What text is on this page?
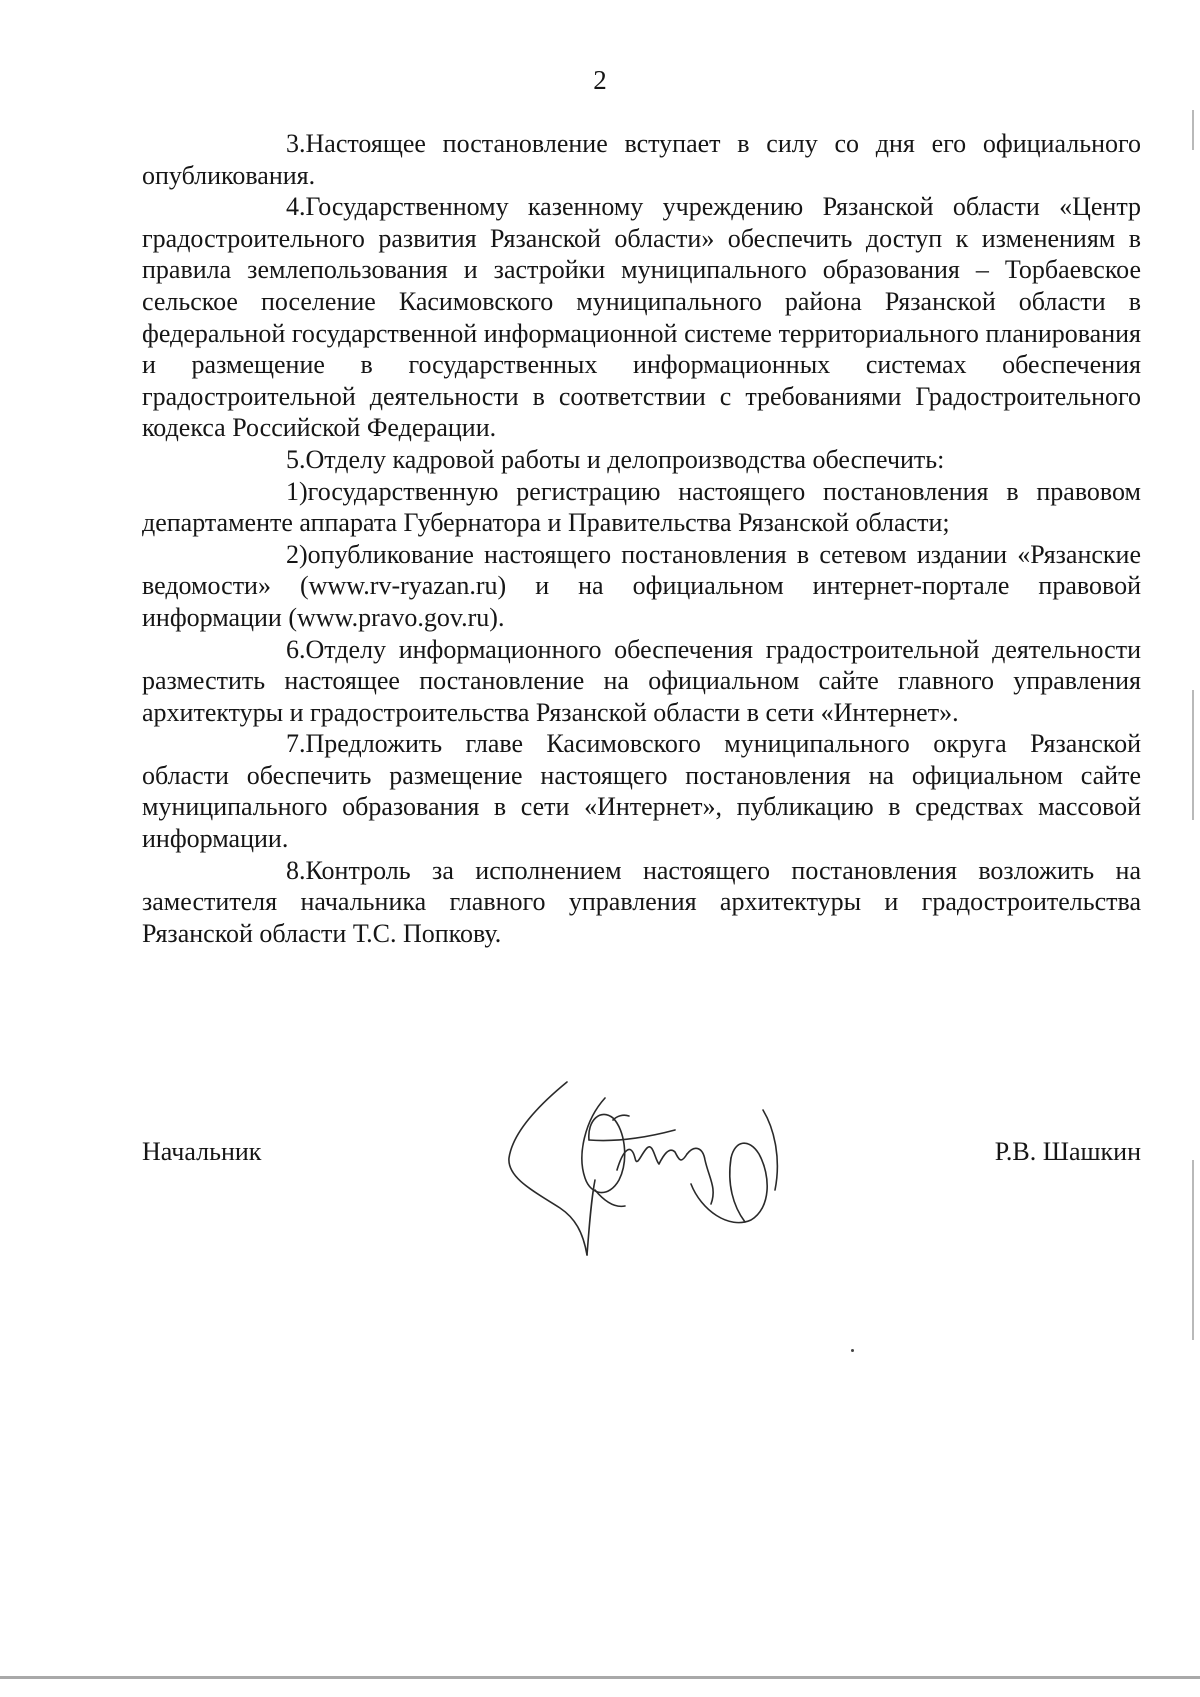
2

3.Настоящее постановление вступает в силу со дня его официального опубликования.

4.Государственному казенному учреждению Рязанской области «Центр градостроительного развития Рязанской области» обеспечить доступ к изменениям в правила землепользования и застройки муниципального образования – Торбаевское сельское поселение Касимовского муниципального района Рязанской области в федеральной государственной информационной системе территориального планирования и размещение в государственных информационных системах обеспечения градостроительной деятельности в соответствии с требованиями Градостроительного кодекса Российской Федерации.

5.Отделу кадровой работы и делопроизводства обеспечить:

1)государственную регистрацию настоящего постановления в правовом департаменте аппарата Губернатора и Правительства Рязанской области;

2)опубликование настоящего постановления в сетевом издании «Рязанские ведомости» (www.rv-ryazan.ru) и на официальном интернет-портале правовой информации (www.pravo.gov.ru).

6.Отделу информационного обеспечения градостроительной деятельности разместить настоящее постановление на официальном сайте главного управления архитектуры и градостроительства Рязанской области в сети «Интернет».

7.Предложить главе Касимовского муниципального округа Рязанской области обеспечить размещение настоящего постановления на официальном сайте муниципального образования в сети «Интернет», публикацию в средствах массовой информации.

8.Контроль за исполнением настоящего постановления возложить на заместителя начальника главного управления архитектуры и градостроительства Рязанской области Т.С. Попкову.

Начальник	Р.В. Шашкин
